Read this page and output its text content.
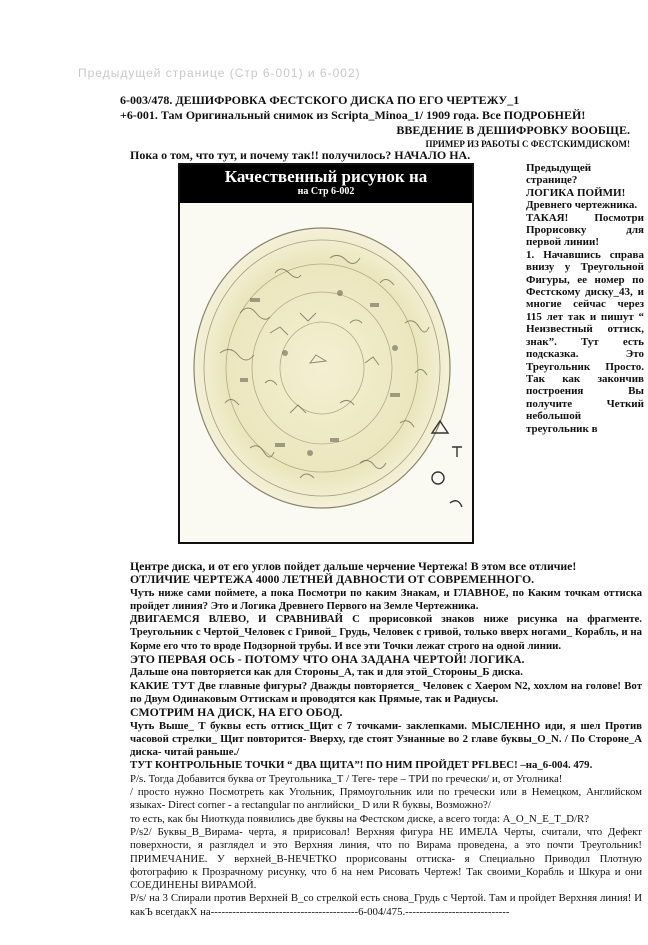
Предыдущей странице (Стр 6-001) и 6-002)
6-003/478. ДЕШИФРОВКА ФЕСТСКОГО ДИСКА ПО ЕГО ЧЕРТЕЖУ_1
+6-001. Там Оригинальный снимок из Scripta_Minoa_1/ 1909 года. Все ПОДРОБНЕЙ!
ВВЕДЕНИЕ В ДЕШИФРОВКУ ВООБЩЕ.
ПРИМЕР ИЗ РАБОТЫ С ФЕСТСКИМДИСКОМ!
Пока о том, что тут, и почему так!! получилось? НАЧАЛО НА.
Качественный рисунок на
на Стр 6-002

Предыдущей странице?

ЛОГИКА ПОЙМИ!

Древнего чертежника.

ТАКАЯ! Посмотри Прорисовку для первой линии!

1. Начавшись справа внизу у Треугольной Фигуры, ее номер по Фестскому диску_43, и многие сейчас через 115 лет так и пишут “ Неизвестный оттиск, знак”. Тут есть подсказка. Это Треугольник Просто. Так как закончив построения Вы получите Четкий небольшой треугольник в

Центре диска, и от его углов пойдет дальше черчение Чертежа! В этом все отличие!

ОТЛИЧИЕ ЧЕРТЕЖА 4000 ЛЕТНЕЙ ДАВНОСТИ ОТ СОВРЕМЕННОГО.

Чуть ниже сами поймете, а пока Посмотри по каким Знакам, и ГЛАВНОЕ, по Каким точкам оттиска пройдет линия? Это и Логика Древнего Первого на Земле Чертежника.

ДВИГАЕМСЯ ВЛЕВО, И СРАВНИВАЙ С прорисовкой знаков ниже рисунка на фрагменте. Треугольник с Чертой_Человек с Гривой_ Грудь, Человек с гривой, только вверх ногами_ Корабль, и на Корме его что то вроде Подзорной трубы. И все эти Точки лежат строго на одной линии.

ЭТО ПЕРВАЯ ОСЬ - ПОТОМУ ЧТО ОНА ЗАДАНА ЧЕРТОЙ! ЛОГИКА.

Дальше она повторяется как для Стороны_А, так и для этой_Стороны_Б диска.

КАКИЕ ТУТ Две главные фигуры? Дважды повторяется_ Человек с Хаером N2, хохлом на голове! Вот по Двум Одинаковым Оттискам и проводятся как Прямые, так и Радиусы.

СМОТРИМ НА ДИСК, НА ЕГО ОБОД.

Чуть Выше_ Т буквы есть оттиск_Щит с 7 точками- заклепками. МЫСЛЕННО иди, я шел Против часовой стрелки_ Щит повторится- Вверху, где стоят Узнанные во 2 главе буквы_О_N. / По Стороне_А диска- читай раньше./

ТУТ КОНТРОЛЬНЫЕ ТОЧКИ “ ДВА ЩИТА”! ПО НИМ ПРОЙДЕТ PFLBEC! –на_6-004. 479.

P/s. Тогда Добавится буква от Треугольника_Т / Теге- тере – ТРИ по гречески/ и, от Уголника!

/ просто нужно Посмотреть как Угольник, Прямоугольник или по гречески или в Немецком, Английском языках- Direct corner - a rectangular по английски_ D или R буквы, Возможно?/

то есть, как бы Ниоткуда появились две буквы на Фестском диске, а всего тогда: A_O_N_E_T_D/R?

P/s2/ Буквы_В_Вирама- черта, я пририсовал! Верхняя фигура НЕ ИМЕЛА Черты, считали, что Дефект поверхности, я разглядел и это Верхняя линия, что по Вирама проведена, а это почти Треугольник! ПРИМЕЧАНИЕ. У верхней_В-НЕЧЕТКО прорисованы оттиска- я Специально Приводил Плотную фотографию к Прозрачному рисунку, что б на нем Рисовать Чертеж! Так своими_Корабль и Шкура и они СОЕДИНЕНЫ ВИРАМОЙ.

P/s/ на 3 Спирали против Верхней В_со стрелкой есть снова_Грудь с Чертой. Там и пройдет Верхняя линия! И какЪ всегдакХ на-----------------------------------------6-004/475.-----------------------------
